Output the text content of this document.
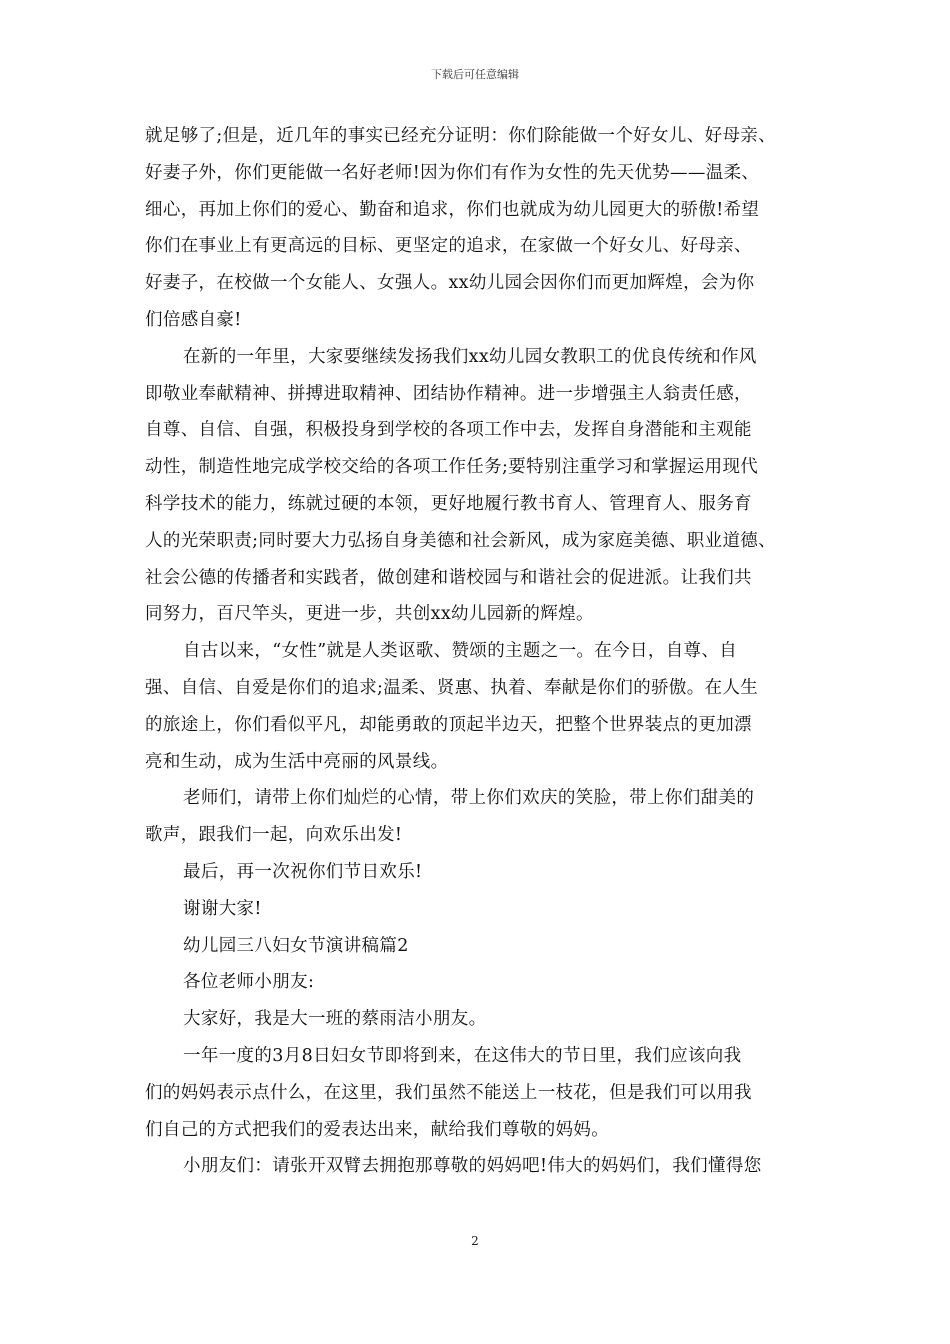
下载后可任意编辑
就足够了;但是，近几年的事实已经充分证明：你们除能做一个好女儿、好母亲、
好妻子外，你们更能做一名好老师!因为你们有作为女性的先天优势——温柔、
细心，再加上你们的爱心、勤奋和追求，你们也就成为幼儿园更大的骄傲!希望
你们在事业上有更高远的目标、更坚定的追求，在家做一个好女儿、好母亲、
好妻子，在校做一个女能人、女强人。xx幼儿园会因你们而更加辉煌，会为你
们倍感自豪!
在新的一年里，大家要继续发扬我们xx幼儿园女教职工的优良传统和作风
即敬业奉献精神、拼搏进取精神、团结协作精神。进一步增强主人翁责任感，
自尊、自信、自强，积极投身到学校的各项工作中去，发挥自身潜能和主观能
动性，制造性地完成学校交给的各项工作任务;要特别注重学习和掌握运用现代
科学技术的能力，练就过硬的本领，更好地履行教书育人、管理育人、服务育
人的光荣职责;同时要大力弘扬自身美德和社会新风，成为家庭美德、职业道德、
社会公德的传播者和实践者，做创建和谐校园与和谐社会的促进派。让我们共
同努力，百尺竿头，更进一步，共创xx幼儿园新的辉煌。
自古以来，“女性”就是人类讴歌、赞颂的主题之一。在今日，自尊、自
强、自信、自爱是你们的追求;温柔、贤惠、执着、奉献是你们的骄傲。在人生
的旅途上，你们看似平凡，却能勇敢的顶起半边天，把整个世界装点的更加漂
亮和生动，成为生活中亮丽的风景线。
老师们，请带上你们灿烂的心情，带上你们欢庆的笑脸，带上你们甜美的
歌声，跟我们一起，向欢乐出发!
最后，再一次祝你们节日欢乐!
谢谢大家!
幼儿园三八妇女节演讲稿篇2
各位老师小朋友:
大家好，我是大一班的蔡雨洁小朋友。
一年一度的3月8日妇女节即将到来，在这伟大的节日里，我们应该向我
们的妈妈表示点什么，在这里，我们虽然不能送上一枝花，但是我们可以用我
们自己的方式把我们的爱表达出来，献给我们尊敬的妈妈。
小朋友们：请张开双臂去拥抱那尊敬的妈妈吧!伟大的妈妈们，我们懂得您
2
